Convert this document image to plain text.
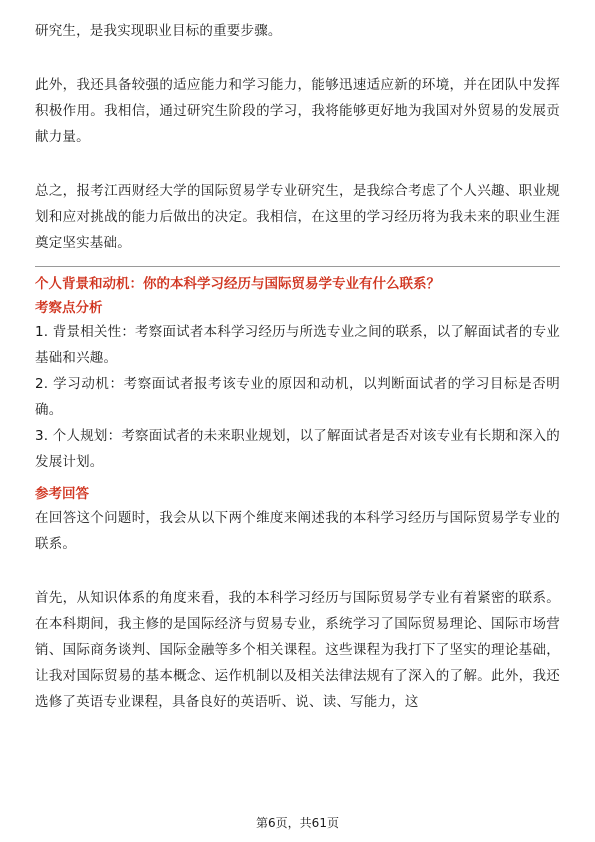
研究生，是我实现职业目标的重要步骤。

此外，我还具备较强的适应能力和学习能力，能够迅速适应新的环境，并在团队中发挥积极作用。我相信，通过研究生阶段的学习，我将能够更好地为我国对外贸易的发展贡献力量。

总之，报考江西财经大学的国际贸易学专业研究生，是我综合考虑了个人兴趣、职业规划和应对挑战的能力后做出的决定。我相信，在这里的学习经历将为我未来的职业生涯奠定坚实基础。

个人背景和动机：你的本科学习经历与国际贸易学专业有什么联系？

考察点分析

1. 背景相关性：考察面试者本科学习经历与所选专业之间的联系，以了解面试者的专业基础和兴趣。

2. 学习动机：考察面试者报考该专业的原因和动机，以判断面试者的学习目标是否明确。

3. 个人规划：考察面试者的未来职业规划，以了解面试者是否对该专业有长期和深入的发展计划。

参考回答

在回答这个问题时，我会从以下两个维度来阐述我的本科学习经历与国际贸易学专业的联系。

首先，从知识体系的角度来看，我的本科学习经历与国际贸易学专业有着紧密的联系。在本科期间，我主修的是国际经济与贸易专业，系统学习了国际贸易理论、国际市场营销、国际商务谈判、国际金融等多个相关课程。这些课程为我打下了坚实的理论基础，让我对国际贸易的基本概念、运作机制以及相关法律法规有了深入的了解。此外，我还选修了英语专业课程，具备良好的英语听、说、读、写能力，这

第6页，共61页
